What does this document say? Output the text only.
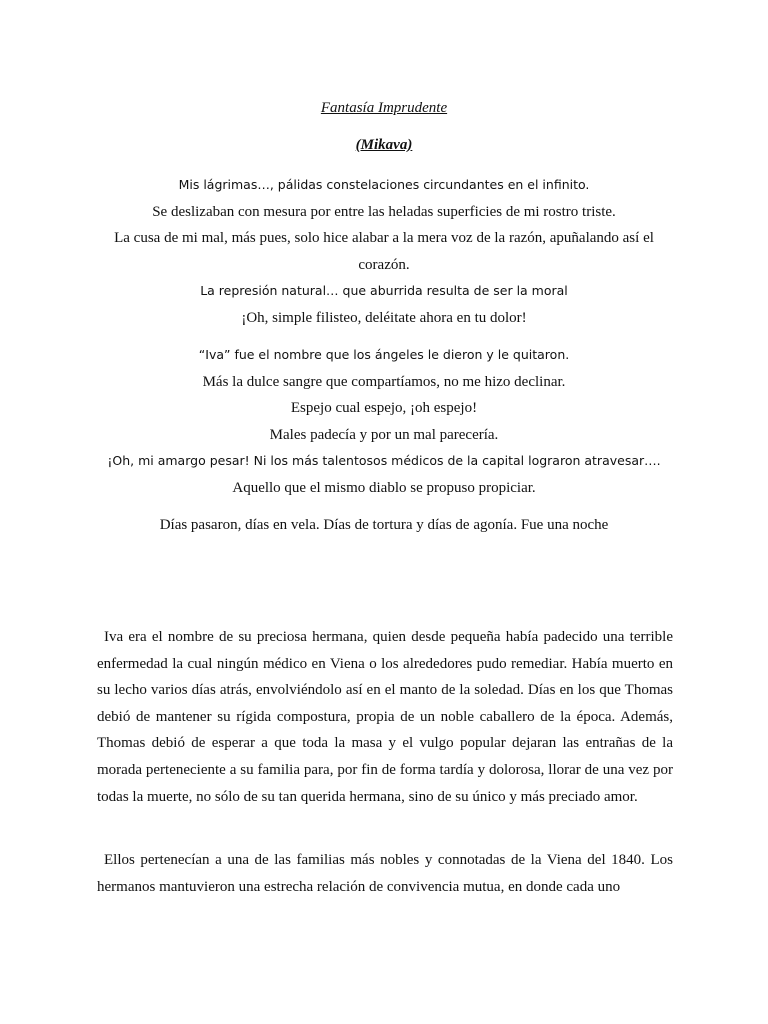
Fantasía Imprudente
(Mikava)
Mis lágrimas…, pálidas constelaciones circundantes en el infinito.
Se deslizaban con mesura por entre las heladas superficies de mi rostro triste.
La cusa de mi mal, más pues, solo hice alabar a la mera voz de la razón, apuñalando así el corazón.
La represión natural… que aburrida resulta de ser la moral
¡Oh, simple filisteo, deléitate ahora en tu dolor!
“Iva” fue el nombre que los ángeles le dieron y le quitaron.
Más la dulce sangre que compartíamos, no me hizo declinar.
Espejo cual espejo, ¡oh espejo!
Males padecía y por un mal parecería.
¡Oh, mi amargo pesar! Ni los más talentosos médicos de la capital lograron atravesar….
Aquello que el mismo diablo se propuso propiciar.
Días pasaron, días en vela. Días de tortura y días de agonía. Fue una noche

Iva era el nombre de su preciosa hermana, quien desde pequeña había padecido una terrible enfermedad la cual ningún médico en Viena o los alrededores pudo remediar. Había muerto en su lecho varios días atrás, envolviéndolo así en el manto de la soledad. Días en los que Thomas debió de mantener su rígida compostura, propia de un noble caballero de la época. Además, Thomas debió de esperar a que toda la masa y el vulgo popular dejaran las entrañas de la morada perteneciente a su familia para, por fin de forma tardía y dolorosa, llorar de una vez por todas la muerte, no sólo de su tan querida hermana, sino de su único y más preciado amor.

Ellos pertenecían a una de las familias más nobles y connotadas de la Viena del 1840. Los hermanos mantuvieron una estrecha relación de convivencia mutua, en donde cada uno
